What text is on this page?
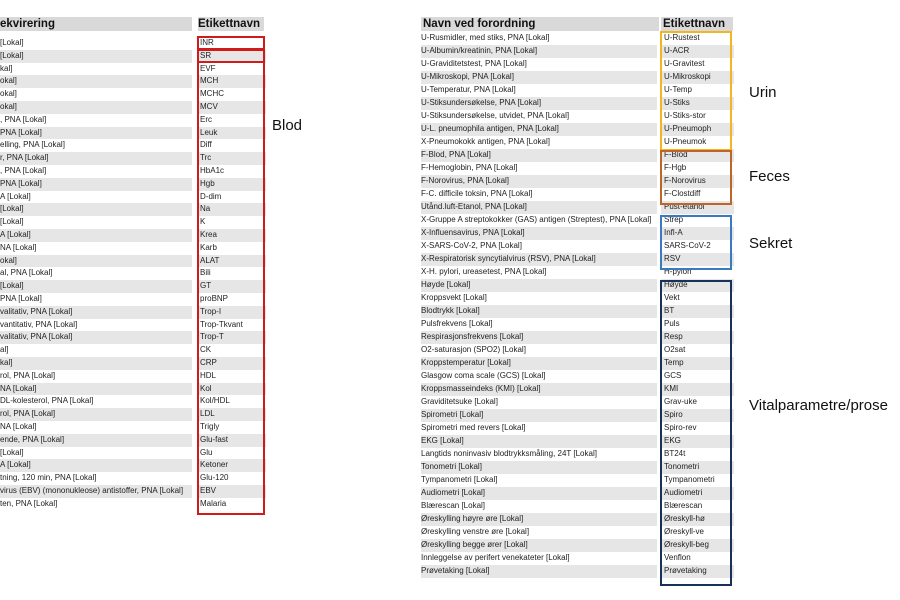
ekvirering	Etikettnavn
[Lokal]	INR
[Lokal]	SR
kal]	EVF
okal]	MCH
okal]	MCHC
okal]	MCV
, PNA [Lokal]	Erc
PNA [Lokal]	Leuk
elling, PNA [Lokal]	Diff
r, PNA [Lokal]	Trc
, PNA [Lokal]	HbA1c
PNA [Lokal]	Hgb
A [Lokal]	D-dim
[Lokal]	Na
[Lokal]	K
A [Lokal]	Krea
NA [Lokal]	Karb
okal]	ALAT
al, PNA [Lokal]	Bili
[Lokal]	GT
PNA [Lokal]	proBNP
valitativ, PNA [Lokal]	Trop-I
vantitativ, PNA [Lokal]	Trop-Tkvant
valitativ, PNA [Lokal]	Trop-T
al]	CK
kal]	CRP
rol, PNA [Lokal]	HDL
NA [Lokal]	Kol
DL-kolesterol, PNA [Lokal]	Kol/HDL
rol, PNA [Lokal]	LDL
NA [Lokal]	Trigly
ende, PNA [Lokal]	Glu-fast
[Lokal]	Glu
A [Lokal]	Ketoner
tning, 120 min, PNA [Lokal]	Glu-120
virus (EBV) (mononukleose) antistoffer, PNA [Lokal]	EBV
ten, PNA [Lokal]	Malaria
Navn ved forordning	Etikettnavn
U-Rusmidler, med stiks, PNA [Lokal]	U-Rustest
U-Albumin/kreatinin, PNA [Lokal]	U-ACR
U-Graviditetstest, PNA [Lokal]	U-Gravitest
U-Mikroskopi, PNA [Lokal]	U-Mikroskopi
U-Temperatur, PNA [Lokal]	U-Temp
U-Stiksundersøkelse, PNA [Lokal]	U-Stiks
U-Stiksundersøkelse, utvidet, PNA [Lokal]	U-Stiks-stor
U-L. pneumophila antigen, PNA [Lokal]	U-Pneumoph
X-Pneumokokk antigen, PNA [Lokal]	U-Pneumok
F-Blod, PNA [Lokal]	F-Blod
F-Hemoglobin, PNA [Lokal]	F-Hgb
F-Norovirus, PNA [Lokal]	F-Norovirus
F-C. difficile toksin, PNA [Lokal]	F-Clostdiff
Utånd.luft-Etanol, PNA [Lokal]	Pust-etanol
X-Gruppe A streptokokker (GAS) antigen (Streptest), PNA [Lokal]	Strep
X-Influensavirus, PNA [Lokal]	Infl-A
X-SARS-CoV-2, PNA [Lokal]	SARS-CoV-2
X-Respiratorisk syncytialvirus (RSV), PNA [Lokal]	RSV
X-H. pylori, ureasetest, PNA [Lokal]	H-pylori
Høyde [Lokal]	Høyde
Kroppsvekt [Lokal]	Vekt
Blodtrykk [Lokal]	BT
Pulsfrekvens [Lokal]	Puls
Respirasjonsfrekvens [Lokal]	Resp
O2-saturasjon (SPO2) [Lokal]	O2sat
Kroppstemperatur [Lokal]	Temp
Glasgow coma scale (GCS) [Lokal]	GCS
Kroppsmasseindeks (KMI) [Lokal]	KMI
Graviditetsuke [Lokal]	Grav-uke
Spirometri [Lokal]	Spiro
Spirometri med revers [Lokal]	Spiro-rev
EKG [Lokal]	EKG
Langtids noninvasiv blodtrykksmåling, 24T [Lokal]	BT24t
Tonometri [Lokal]	Tonometri
Tympanometri [Lokal]	Tympanometri
Audiometri [Lokal]	Audiometri
Blærescan [Lokal]	Blærescan
Øreskylling høyre øre [Lokal]	Øreskyll-hø
Øreskylling venstre øre [Lokal]	Øreskyll-ve
Øreskylling begge ører [Lokal]	Øreskyll-beg
Innleggelse av perifert venekateter [Lokal]	Venflon
Prøvetaking [Lokal]	Prøvetaking
Blod
Urin
Feces
Sekret
Vitalparametre/prose
